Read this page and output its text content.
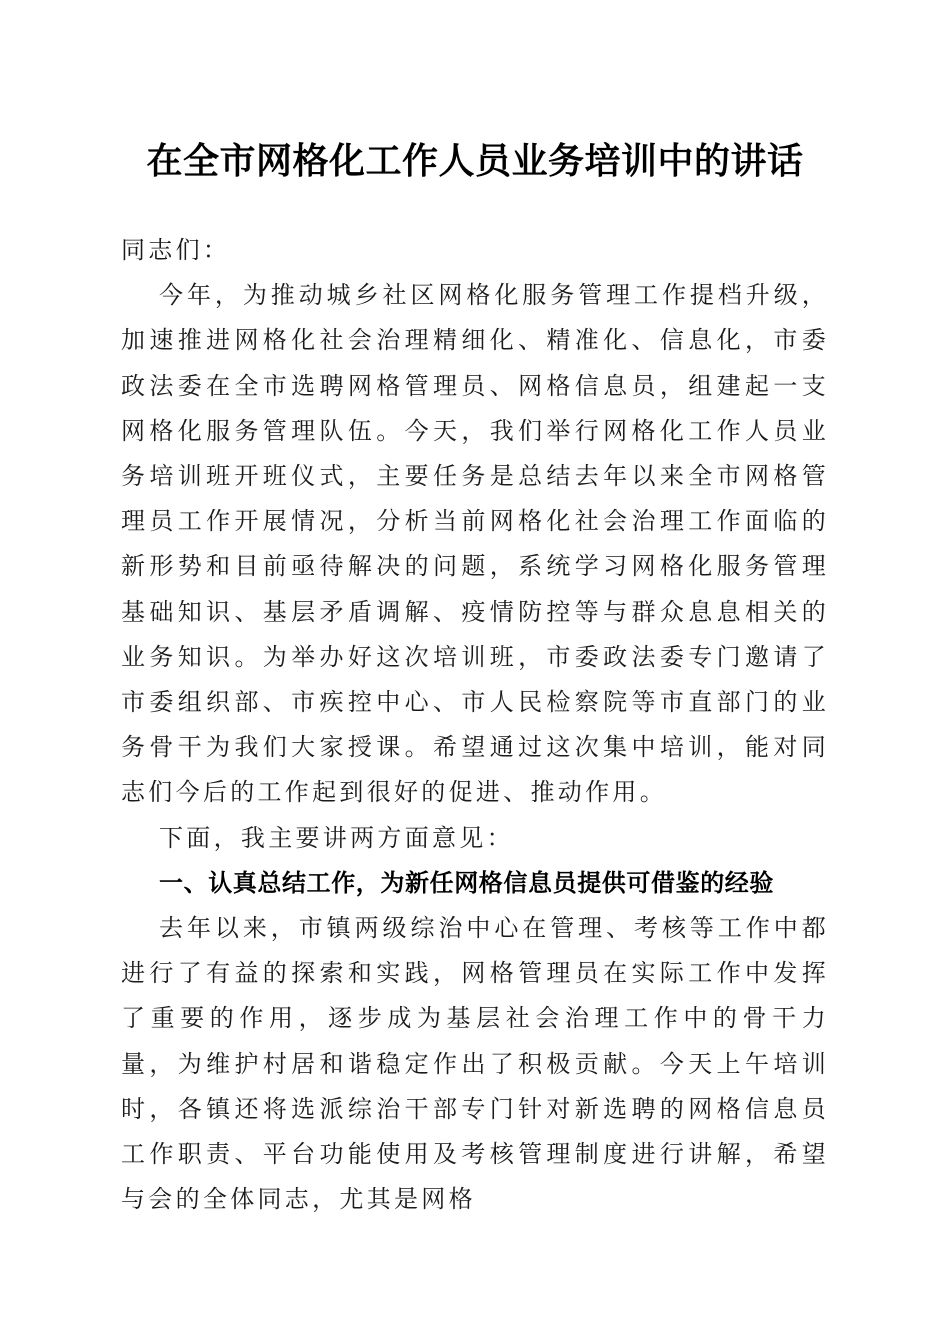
在全市网格化工作人员业务培训中的讲话

同志们：

今年，为推动城乡社区网格化服务管理工作提档升级，加速推进网格化社会治理精细化、精准化、信息化，市委政法委在全市选聘网格管理员、网格信息员，组建起一支网格化服务管理队伍。今天，我们举行网格化工作人员业务培训班开班仪式，主要任务是总结去年以来全市网格管理员工作开展情况，分析当前网格化社会治理工作面临的新形势和目前亟待解决的问题，系统学习网格化服务管理基础知识、基层矛盾调解、疫情防控等与群众息息相关的业务知识。为举办好这次培训班，市委政法委专门邀请了市委组织部、市疾控中心、市人民检察院等市直部门的业务骨干为我们大家授课。希望通过这次集中培训，能对同志们今后的工作起到很好的促进、推动作用。

下面，我主要讲两方面意见：

一、认真总结工作，为新任网格信息员提供可借鉴的经验

去年以来，市镇两级综治中心在管理、考核等工作中都进行了有益的探索和实践，网格管理员在实际工作中发挥了重要的作用，逐步成为基层社会治理工作中的骨干力量，为维护村居和谐稳定作出了积极贡献。今天上午培训时，各镇还将选派综治干部专门针对新选聘的网格信息员工作职责、平台功能使用及考核管理制度进行讲解，希望与会的全体同志，尤其是网格
